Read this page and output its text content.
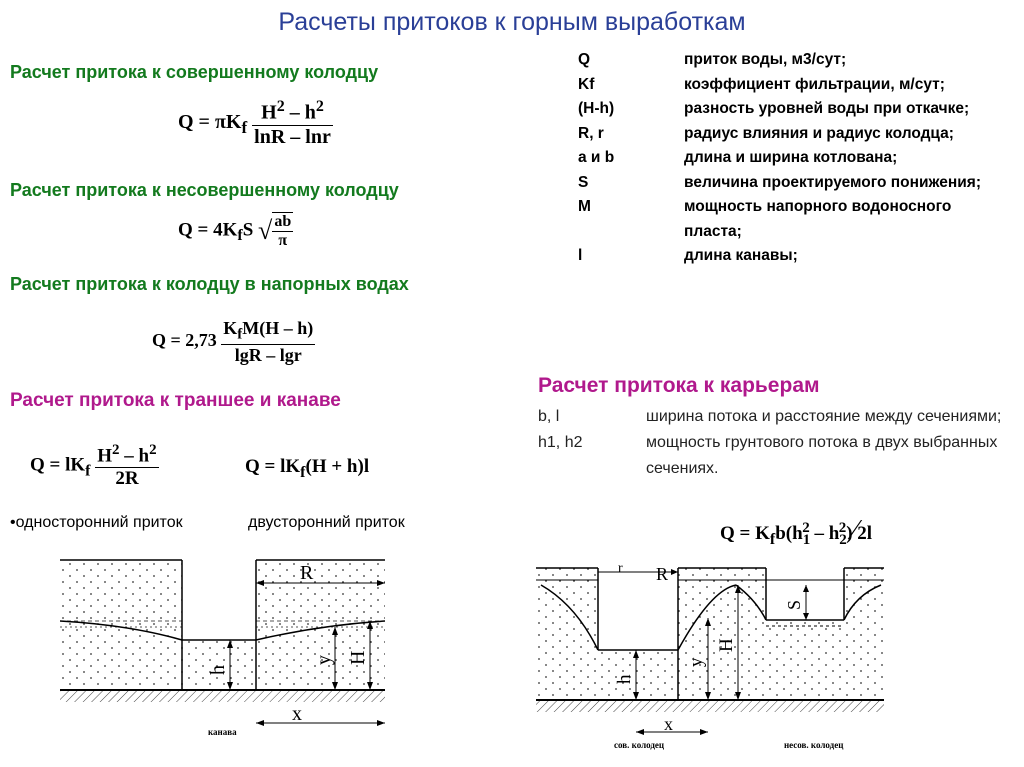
Расчеты притоков к горным выработкам
Расчет притока к совершенному колодцу
Расчет притока к несовершенному колодцу
Расчет притока к колодцу в напорных водах
Расчет притока к траншее и канаве
$Q = \pi K_f \frac{H^2 - h^2}{\ln R - \ln r}$
$Q = 4K_fS$ √ $\frac{ab}{\pi}$
$Q = 2,73 \frac{K_fM(H - h)}{\lg R - \lg r}$
$Q = lK_f \frac{H^2 - h^2}{2R}$	$Q = lK_f(H + h)l$
•односторонний приток	двусторонний приток
Q	приток воды, м3/сут;
Kf	коэффициент фильтрации, м/сут;
(H-h)	разность уровней воды при откачке;
R, r	радиус влияния и радиус колодца;
a и b	длина и ширина котлована;
S	величина проектируемого понижения;
M	мощность напорного водоносного пласта;
l	длина канавы;
Расчет притока к карьерам
b, l	ширина потока и расстояние между сечениями;
h1, h2	мощность грунтового потока в двух выбранных сечениях.
$Q = K_fb(h_1^2$ – $h_2^2)⁄2l$
R
h
y H
x
канава
r R
h
y
H
S
x
сов. колодец	несов. колодец
